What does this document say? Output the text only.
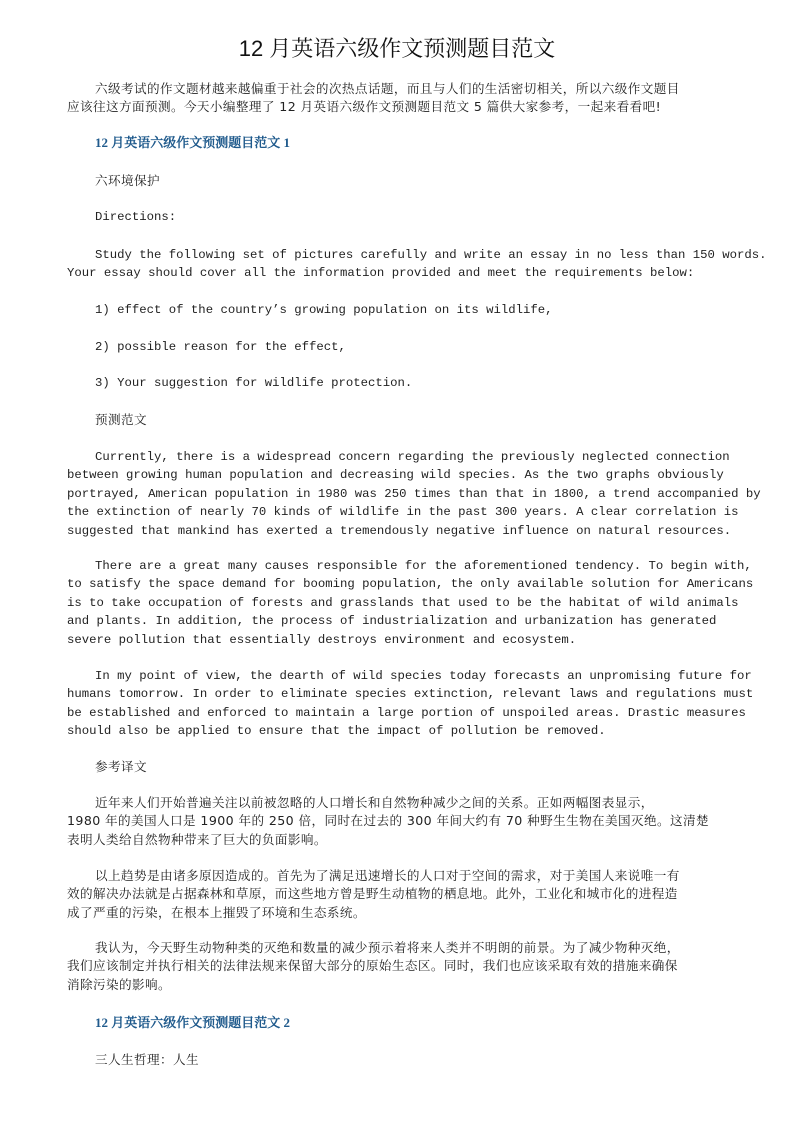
12 月英语六级作文预测题目范文
六级考试的作文题材越来越偏重于社会的次热点话题，而且与人们的生活密切相关，所以六级作文题目
应该往这方面预测。今天小编整理了 12 月英语六级作文预测题目范文 5 篇供大家参考，一起来看看吧!
12 月英语六级作文预测题目范文 1
六环境保护
Directions:
Study the following set of pictures carefully and write an essay in no less than 150 words.
Your essay should cover all the information provided and meet the requirements below:
1) effect of the country’s growing population on its wildlife,
2) possible reason for the effect,
3) Your suggestion for wildlife protection.
预测范文
Currently, there is a widespread concern regarding the previously neglected connection
between growing human population and decreasing wild species. As the two graphs obviously
portrayed, American population in 1980 was 250 times than that in 1800, a trend accompanied by
the extinction of nearly 70 kinds of wildlife in the past 300 years. A clear correlation is
suggested that mankind has exerted a tremendously negative influence on natural resources.
There are a great many causes responsible for the aforementioned tendency. To begin with,
to satisfy the space demand for booming population, the only available solution for Americans
is to take occupation of forests and grasslands that used to be the habitat of wild animals
and plants. In addition, the process of industrialization and urbanization has generated
severe pollution that essentially destroys environment and ecosystem.
In my point of view, the dearth of wild species today forecasts an unpromising future for
humans tomorrow. In order to eliminate species extinction, relevant laws and regulations must
be established and enforced to maintain a large portion of unspoiled areas. Drastic measures
should also be applied to ensure that the impact of pollution be removed.
参考译文
近年来人们开始普遍关注以前被忽略的人口增长和自然物种减少之间的关系。正如两幅图表显示，
1980 年的美国人口是 1900 年的 250 倍，同时在过去的 300 年间大约有 70 种野生生物在美国灭绝。这清楚
表明人类给自然物种带来了巨大的负面影响。
以上趋势是由诸多原因造成的。首先为了满足迅速增长的人口对于空间的需求，对于美国人来说唯一有
效的解决办法就是占据森林和草原，而这些地方曾是野生动植物的栖息地。此外，工业化和城市化的进程造
成了严重的污染，在根本上摧毁了环境和生态系统。
我认为，今天野生动物种类的灭绝和数量的减少预示着将来人类并不明朗的前景。为了减少物种灭绝，
我们应该制定并执行相关的法律法规来保留大部分的原始生态区。同时，我们也应该采取有效的措施来确保
消除污染的影响。
12 月英语六级作文预测题目范文 2
三人生哲理：人生
